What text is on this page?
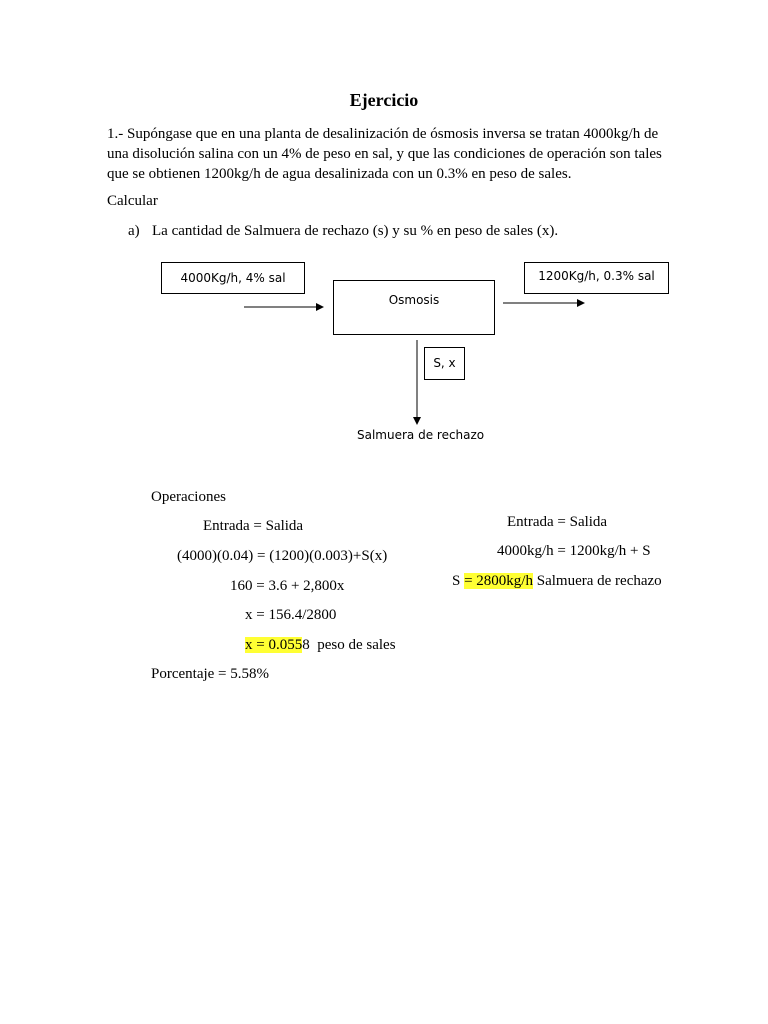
Ejercicio
1.- Supóngase que en una planta de desalinización de ósmosis inversa se tratan 4000kg/h de una disolución salina con un 4% de peso en sal, y que las condiciones de operación son tales que se obtienen 1200kg/h de agua desalinizada con un 0.3% en peso de sales.
Calcular
a) La cantidad de Salmuera de rechazo (s) y su % en peso de sales (x).
4000Kg/h, 4% sal
Osmosis
1200Kg/h, 0.3% sal
S, x
Salmuera de rechazo
Operaciones
Entrada = Salida
(4000)(0.04) = (1200)(0.003)+S(x)
160 = 3.6 + 2,800x
x = 156.4/2800
x = 0.0558  peso de sales
Porcentaje = 5.58%
Entrada = Salida
4000kg/h = 1200kg/h + S
S = 2800kg/h Salmuera de rechazo
